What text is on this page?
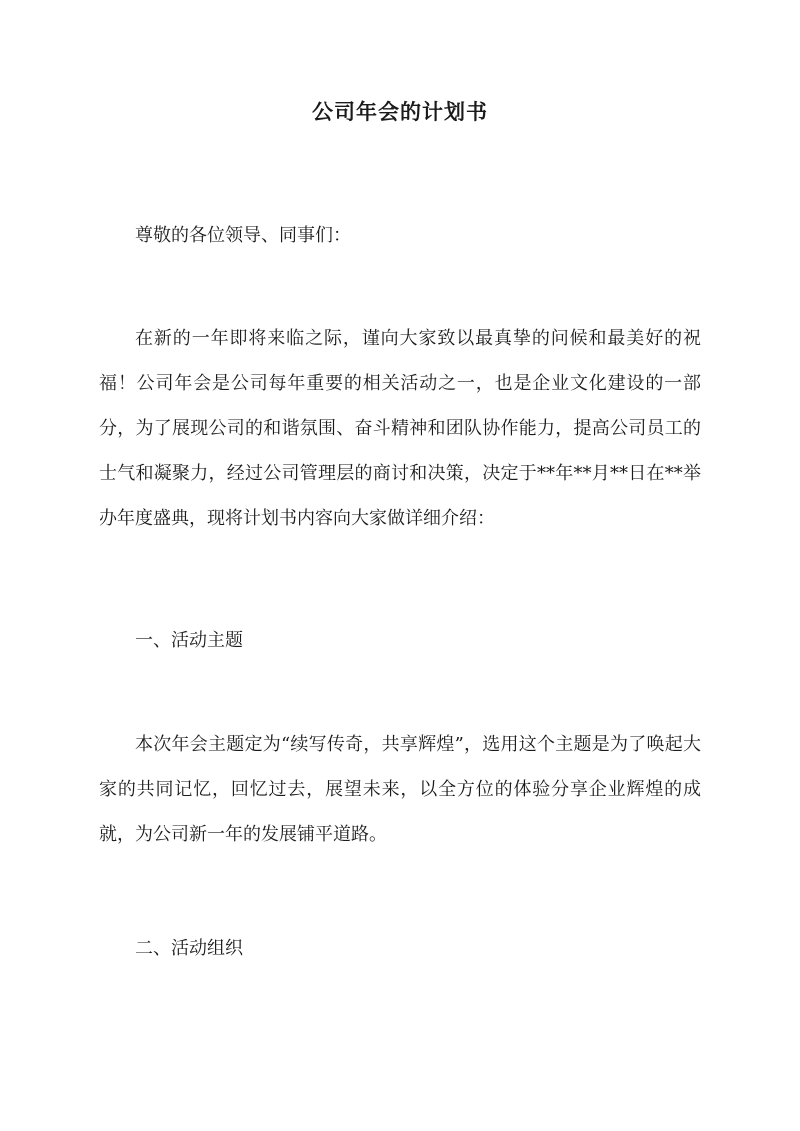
公司年会的计划书

尊敬的各位领导、同事们：

在新的一年即将来临之际，谨向大家致以最真挚的问候和最美好的祝福！公司年会是公司每年重要的相关活动之一，也是企业文化建设的一部分，为了展现公司的和谐氛围、奋斗精神和团队协作能力，提高公司员工的士气和凝聚力，经过公司管理层的商讨和决策，决定于**年**月**日在**举办年度盛典，现将计划书内容向大家做详细介绍：

一、活动主题

本次年会主题定为“续写传奇，共享辉煌”，选用这个主题是为了唤起大家的共同记忆，回忆过去，展望未来，以全方位的体验分享企业辉煌的成就，为公司新一年的发展铺平道路。

二、活动组织
